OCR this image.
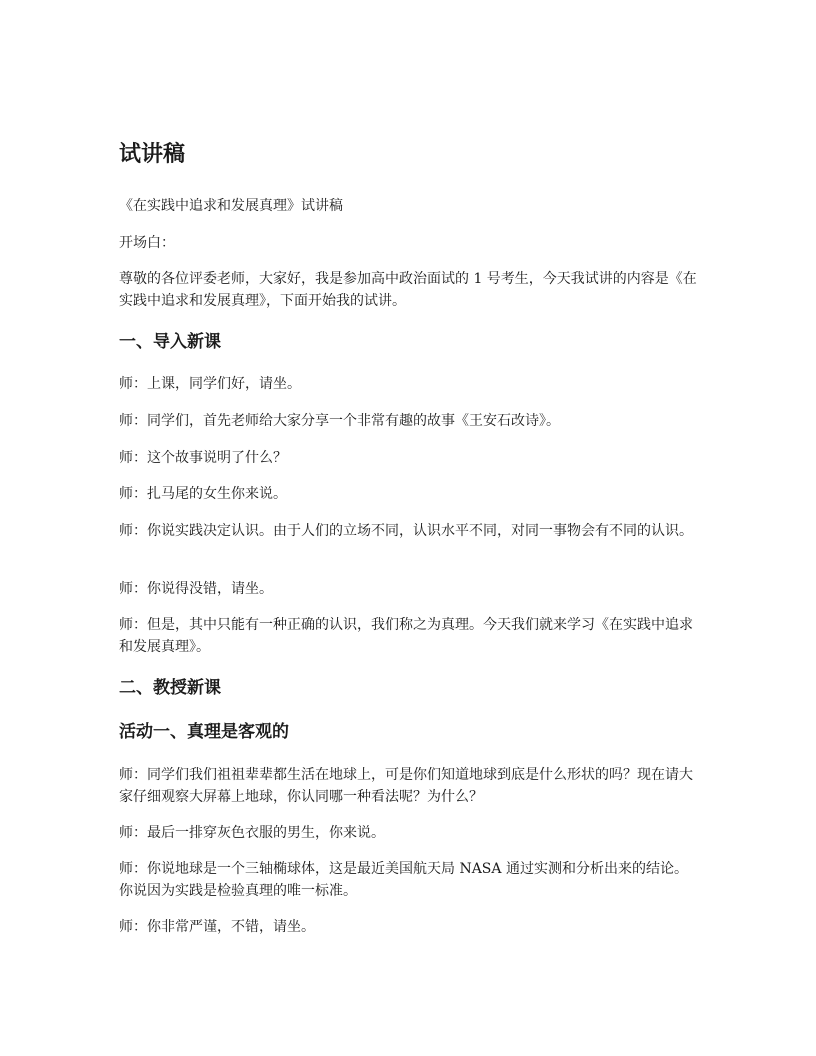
试讲稿

《在实践中追求和发展真理》试讲稿

开场白：

尊敬的各位评委老师，大家好，我是参加高中政治面试的 1 号考生，今天我试讲的内容是《在实践中追求和发展真理》，下面开始我的试讲。

一、导入新课

师：上课，同学们好，请坐。

师：同学们，首先老师给大家分享一个非常有趣的故事《王安石改诗》。

师：这个故事说明了什么？

师：扎马尾的女生你来说。

师：你说实践决定认识。由于人们的立场不同，认识水平不同，对同一事物会有不同的认识。

师：你说得没错，请坐。

师：但是，其中只能有一种正确的认识，我们称之为真理。今天我们就来学习《在实践中追求和发展真理》。

二、教授新课
活动一、真理是客观的

师：同学们我们祖祖辈辈都生活在地球上，可是你们知道地球到底是什么形状的吗？现在请大家仔细观察大屏幕上地球，你认同哪一种看法呢？为什么？

师：最后一排穿灰色衣服的男生，你来说。

师：你说地球是一个三轴椭球体，这是最近美国航天局 NASA 通过实测和分析出来的结论。你说因为实践是检验真理的唯一标准。

师：你非常严谨，不错，请坐。
